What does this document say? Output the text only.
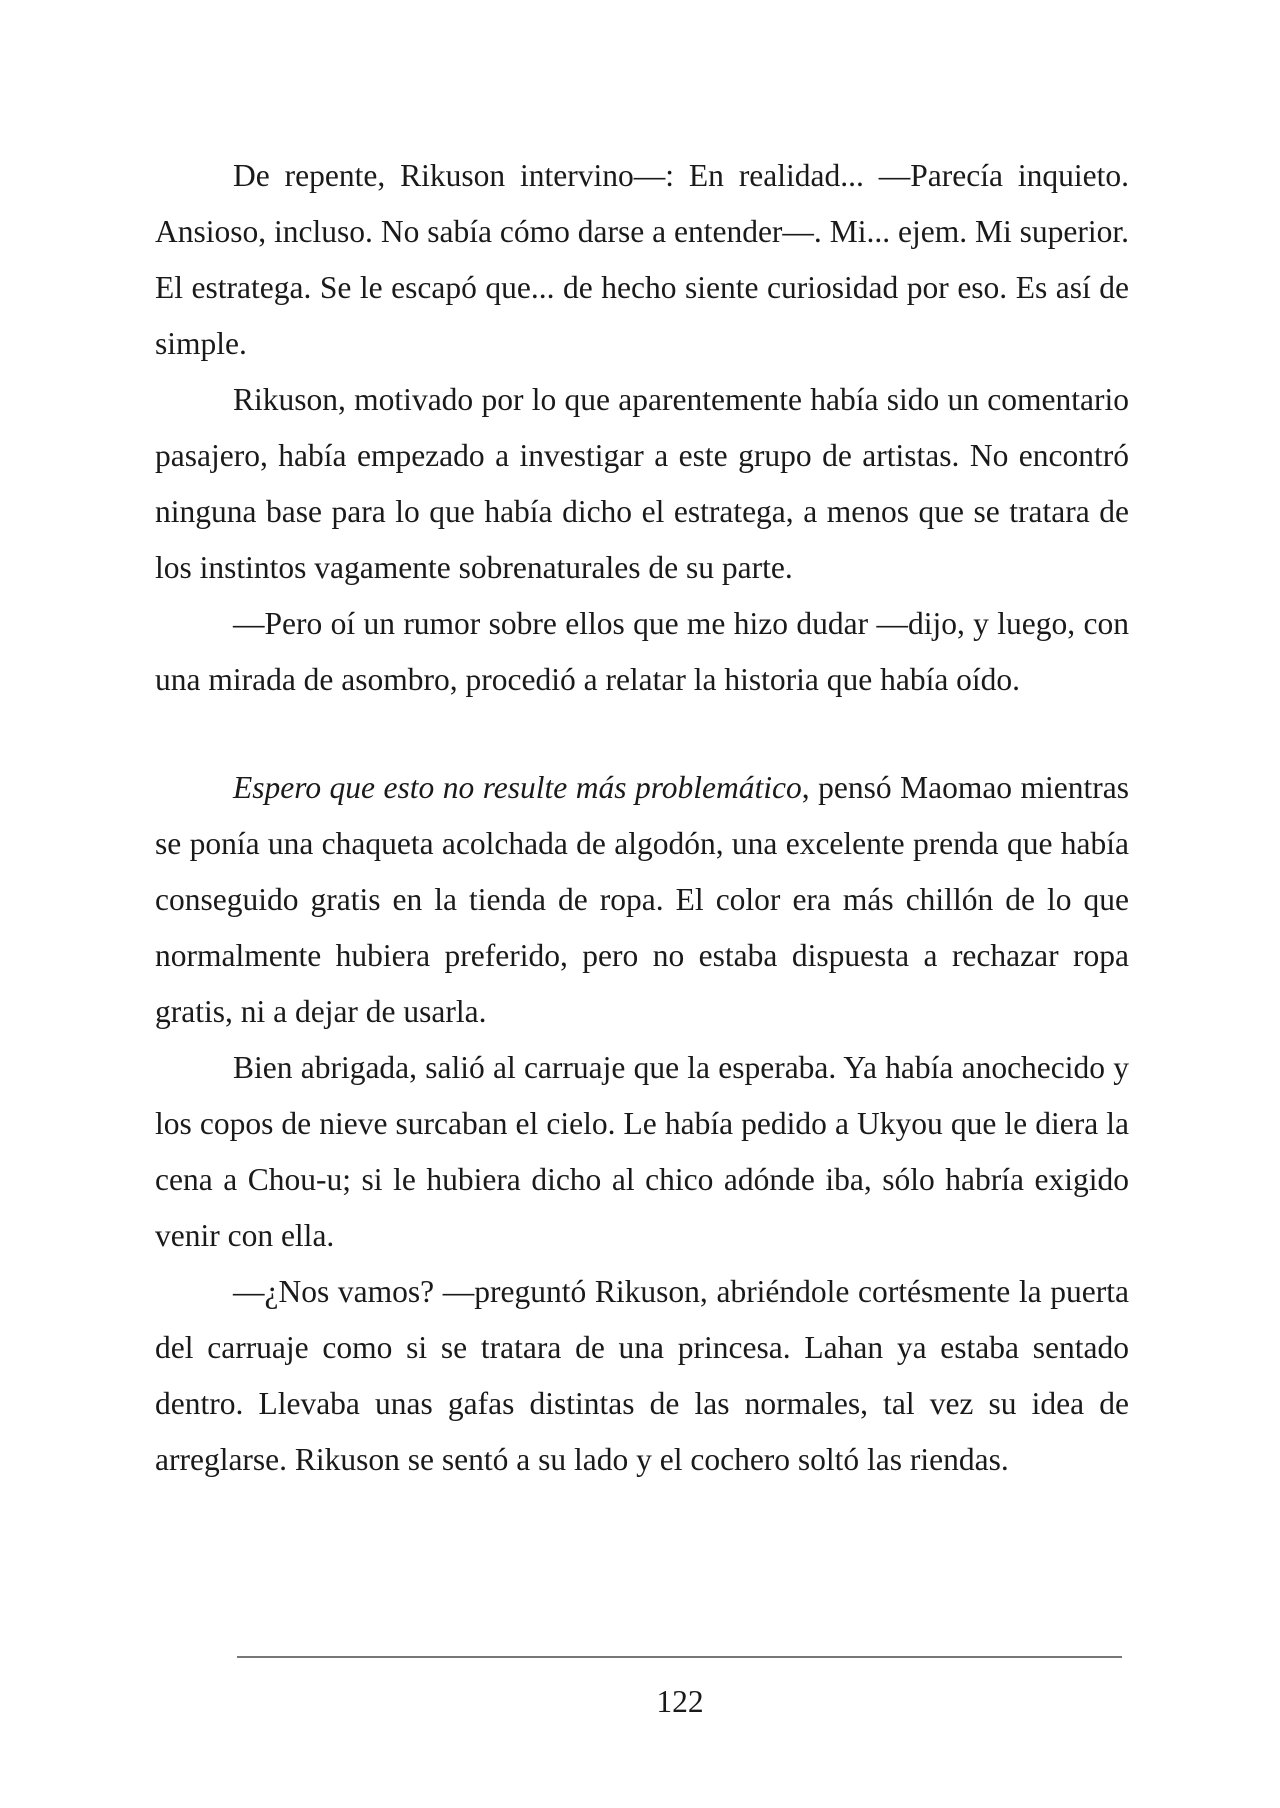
De repente, Rikuson intervino—: En realidad... —Parecía inquieto. Ansioso, incluso. No sabía cómo darse a entender—. Mi... ejem. Mi superior. El estratega. Se le escapó que... de hecho siente curiosidad por eso. Es así de simple.

Rikuson, motivado por lo que aparentemente había sido un comentario pasajero, había empezado a investigar a este grupo de artistas. No encontró ninguna base para lo que había dicho el estratega, a menos que se tratara de los instintos vagamente sobrenaturales de su parte.

—Pero oí un rumor sobre ellos que me hizo dudar —dijo, y luego, con una mirada de asombro, procedió a relatar la historia que había oído.

Espero que esto no resulte más problemático, pensó Maomao mientras se ponía una chaqueta acolchada de algodón, una excelente prenda que había conseguido gratis en la tienda de ropa. El color era más chillón de lo que normalmente hubiera preferido, pero no estaba dispuesta a rechazar ropa gratis, ni a dejar de usarla.

Bien abrigada, salió al carruaje que la esperaba. Ya había anochecido y los copos de nieve surcaban el cielo. Le había pedido a Ukyou que le diera la cena a Chou-u; si le hubiera dicho al chico adónde iba, sólo habría exigido venir con ella.

—¿Nos vamos? —preguntó Rikuson, abriéndole cortésmente la puerta del carruaje como si se tratara de una princesa. Lahan ya estaba sentado dentro. Llevaba unas gafas distintas de las normales, tal vez su idea de arreglarse. Rikuson se sentó a su lado y el cochero soltó las riendas.

122
